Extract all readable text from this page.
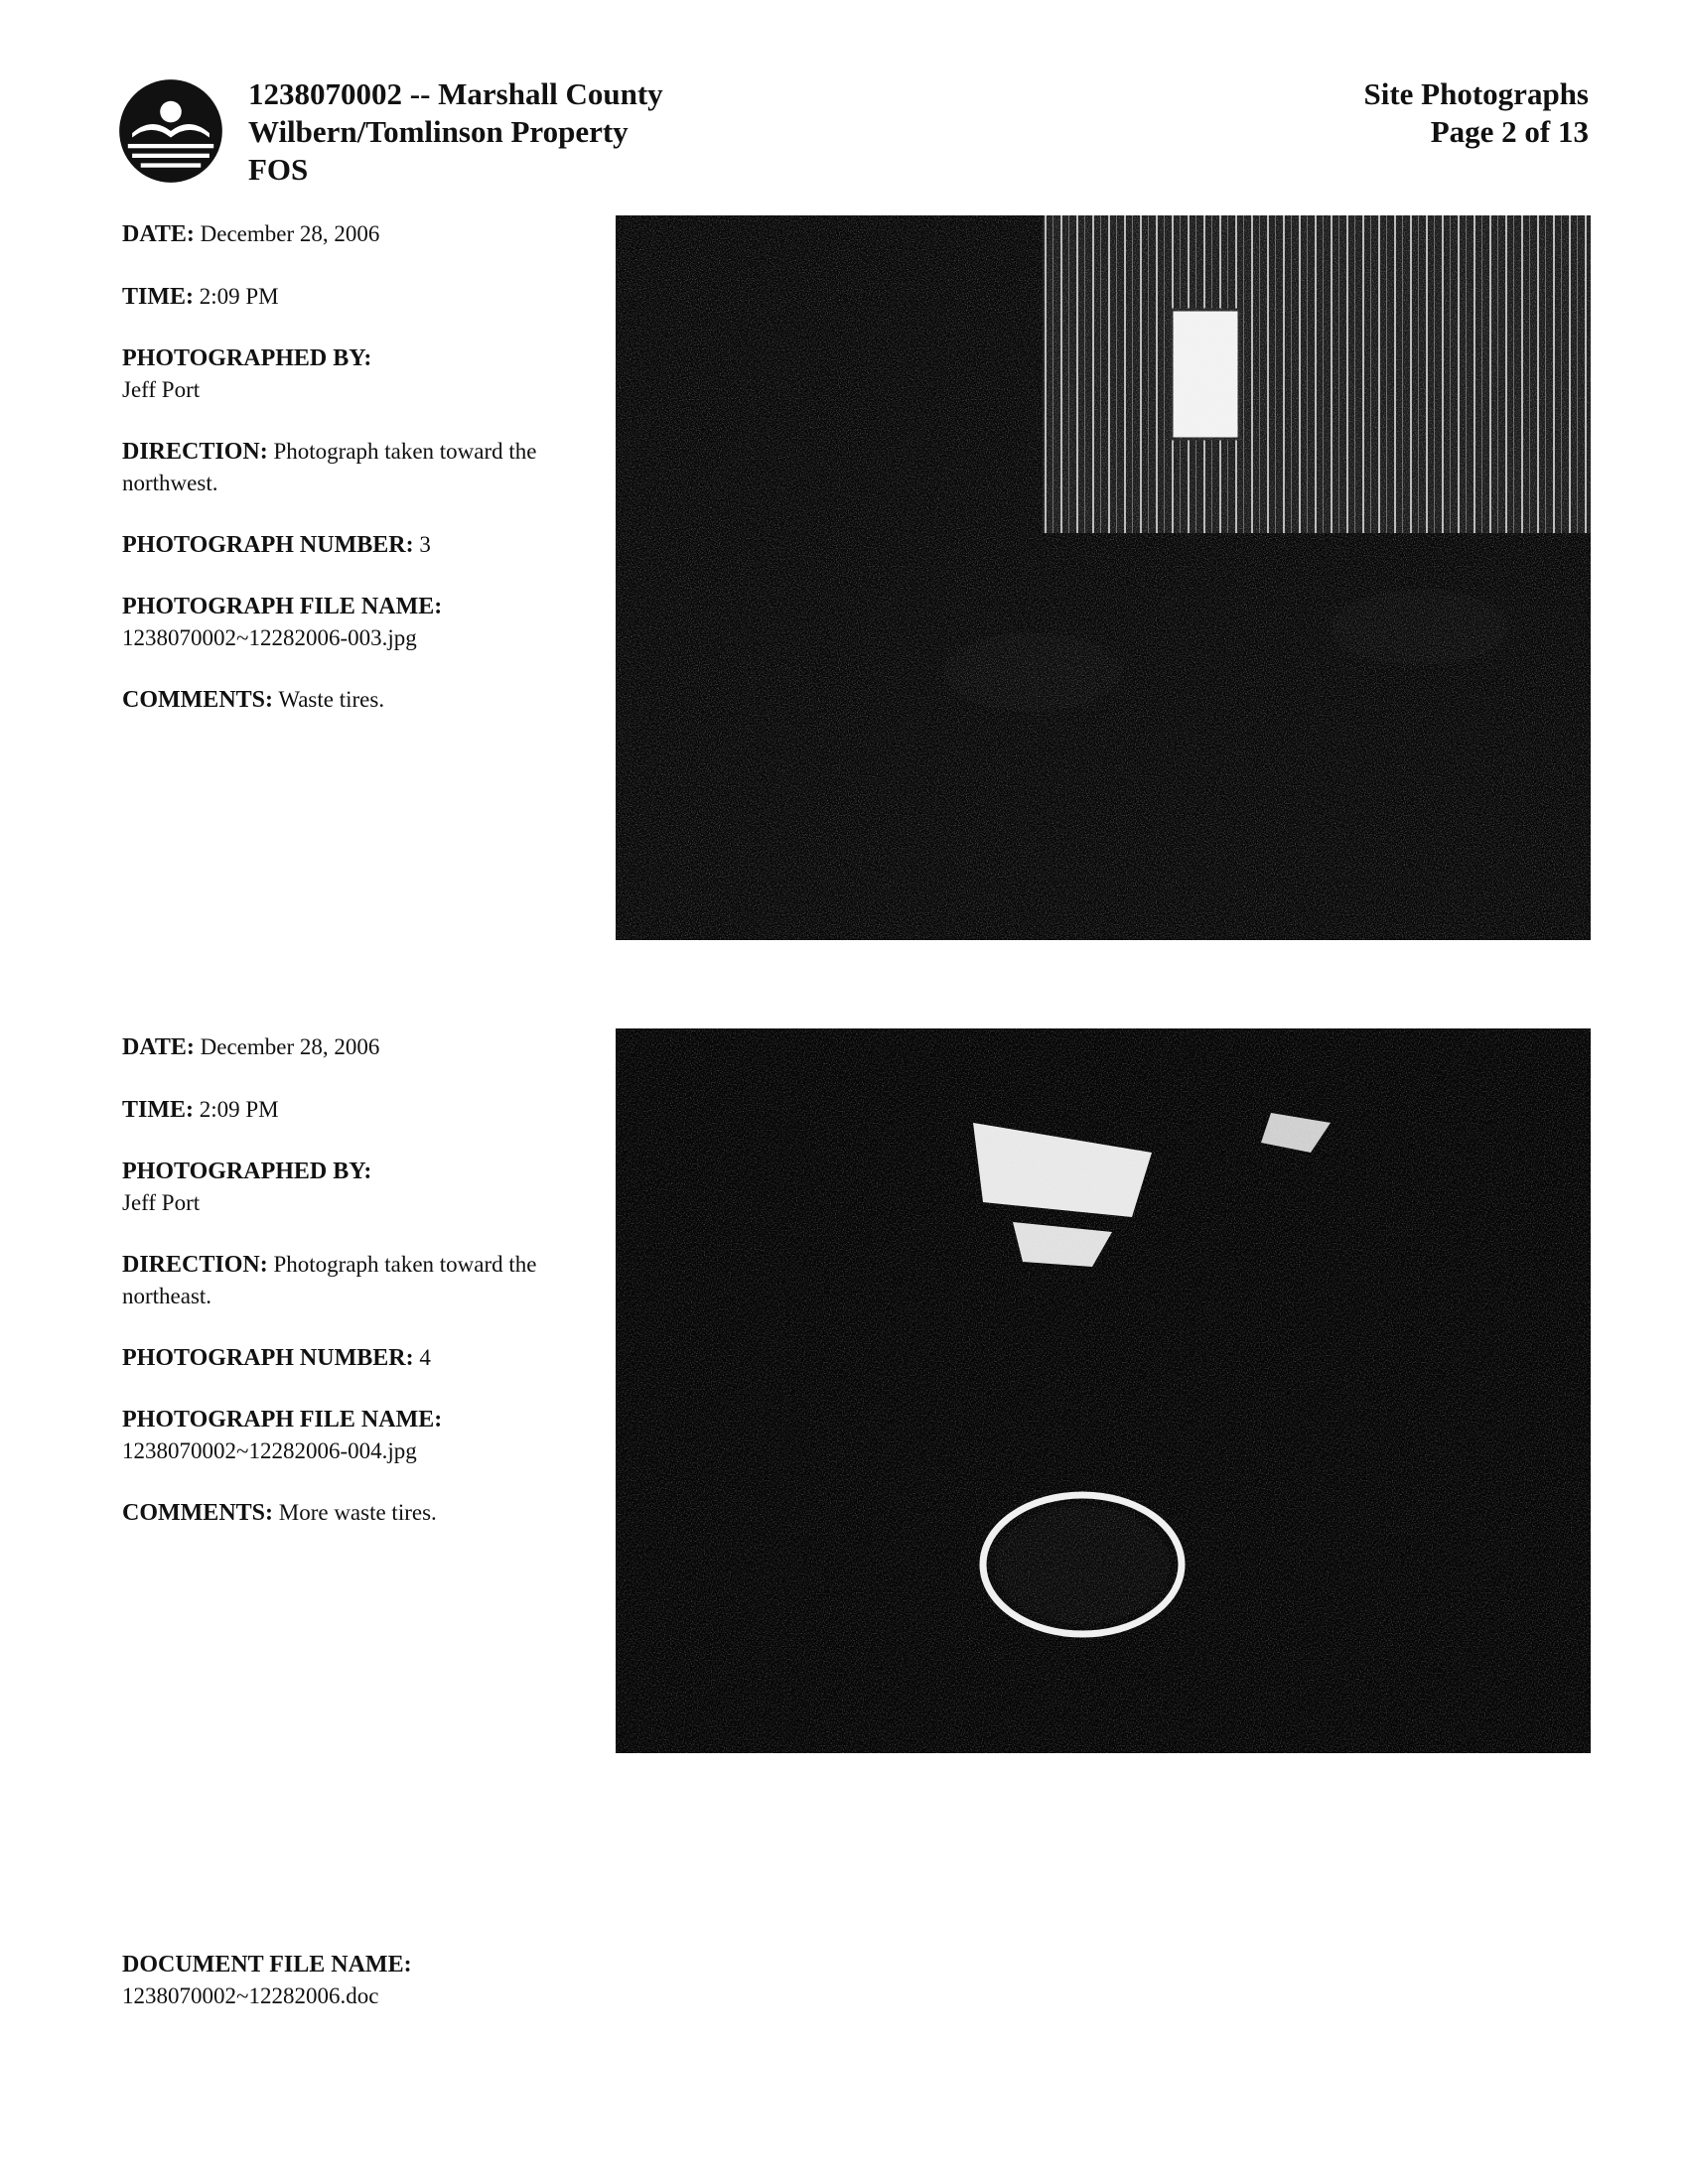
1238070002 -- Marshall County
Wilbern/Tomlinson Property
FOS
Site Photographs
Page 2 of 13
DATE: December 28, 2006
TIME: 2:09 PM
PHOTOGRAPHED BY:
Jeff Port
DIRECTION: Photograph taken toward the northwest.
PHOTOGRAPH NUMBER: 3
PHOTOGRAPH FILE NAME:
1238070002~12282006-003.jpg
COMMENTS: Waste tires.
DATE: December 28, 2006
TIME: 2:09 PM
PHOTOGRAPHED BY:
Jeff Port
DIRECTION: Photograph taken toward the northeast.
PHOTOGRAPH NUMBER: 4
PHOTOGRAPH FILE NAME:
1238070002~12282006-004.jpg
COMMENTS: More waste tires.
DOCUMENT FILE NAME:
1238070002~12282006.doc
